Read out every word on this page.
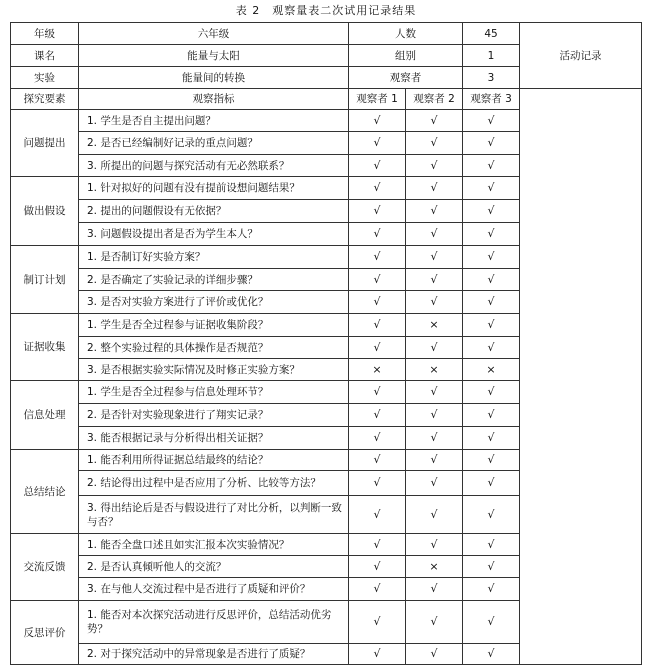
表 2　观察量表二次试用记录结果
年级	六年级	人数		45	活动记录
课名	能量与太阳	组别		1	
实验	能量间的转换	观察者		3	
探究要素	观察指标	观察者 1	观察者 2	观察者 3	
问题提出	1. 学生是否自主提出问题？	√	√	√	
	2. 是否已经编制好记录的重点问题？	√	√	√	
	3. 所提出的问题与探究活动有无必然联系？	√	√	√	
做出假设	1. 针对拟好的问题有没有提前设想问题结果？	√	√	√	
	2. 提出的问题假设有无依据？	√	√	√	
	3. 问题假设提出者是否为学生本人？	√	√	√	
制订计划	1. 是否制订好实验方案？	√	√	√	
	2. 是否确定了实验记录的详细步骤？	√	√	√	
	3. 是否对实验方案进行了评价或优化？	√	√	√	
证据收集	1. 学生是否全过程参与证据收集阶段？	√	×	√	
	2. 整个实验过程的具体操作是否规范？	√	√	√	
	3. 是否根据实验实际情况及时修正实验方案？	×	×	×	
信息处理	1. 学生是否全过程参与信息处理环节？	√	√	√	
	2. 是否针对实验现象进行了翔实记录？	√	√	√	
	3. 能否根据记录与分析得出相关证据？	√	√	√	
总结结论	1. 能否利用所得证据总结最终的结论？	√	√	√	
	2. 结论得出过程中是否应用了分析、比较等方法？	√	√	√	
	3. 得出结论后是否与假设进行了对比分析，以判断一致与否？	√	√	√	
交流反馈	1. 能否全盘口述且如实汇报本次实验情况？	√	√	√	
	2. 是否认真倾听他人的交流？	√	×	√	
	3. 在与他人交流过程中是否进行了质疑和评价？	√	√	√	
反思评价	1. 能否对本次探究活动进行反思评价，总结活动优劣势？	√	√	√	
	2. 对于探究活动中的异常现象是否进行了质疑？	√	√	√	
